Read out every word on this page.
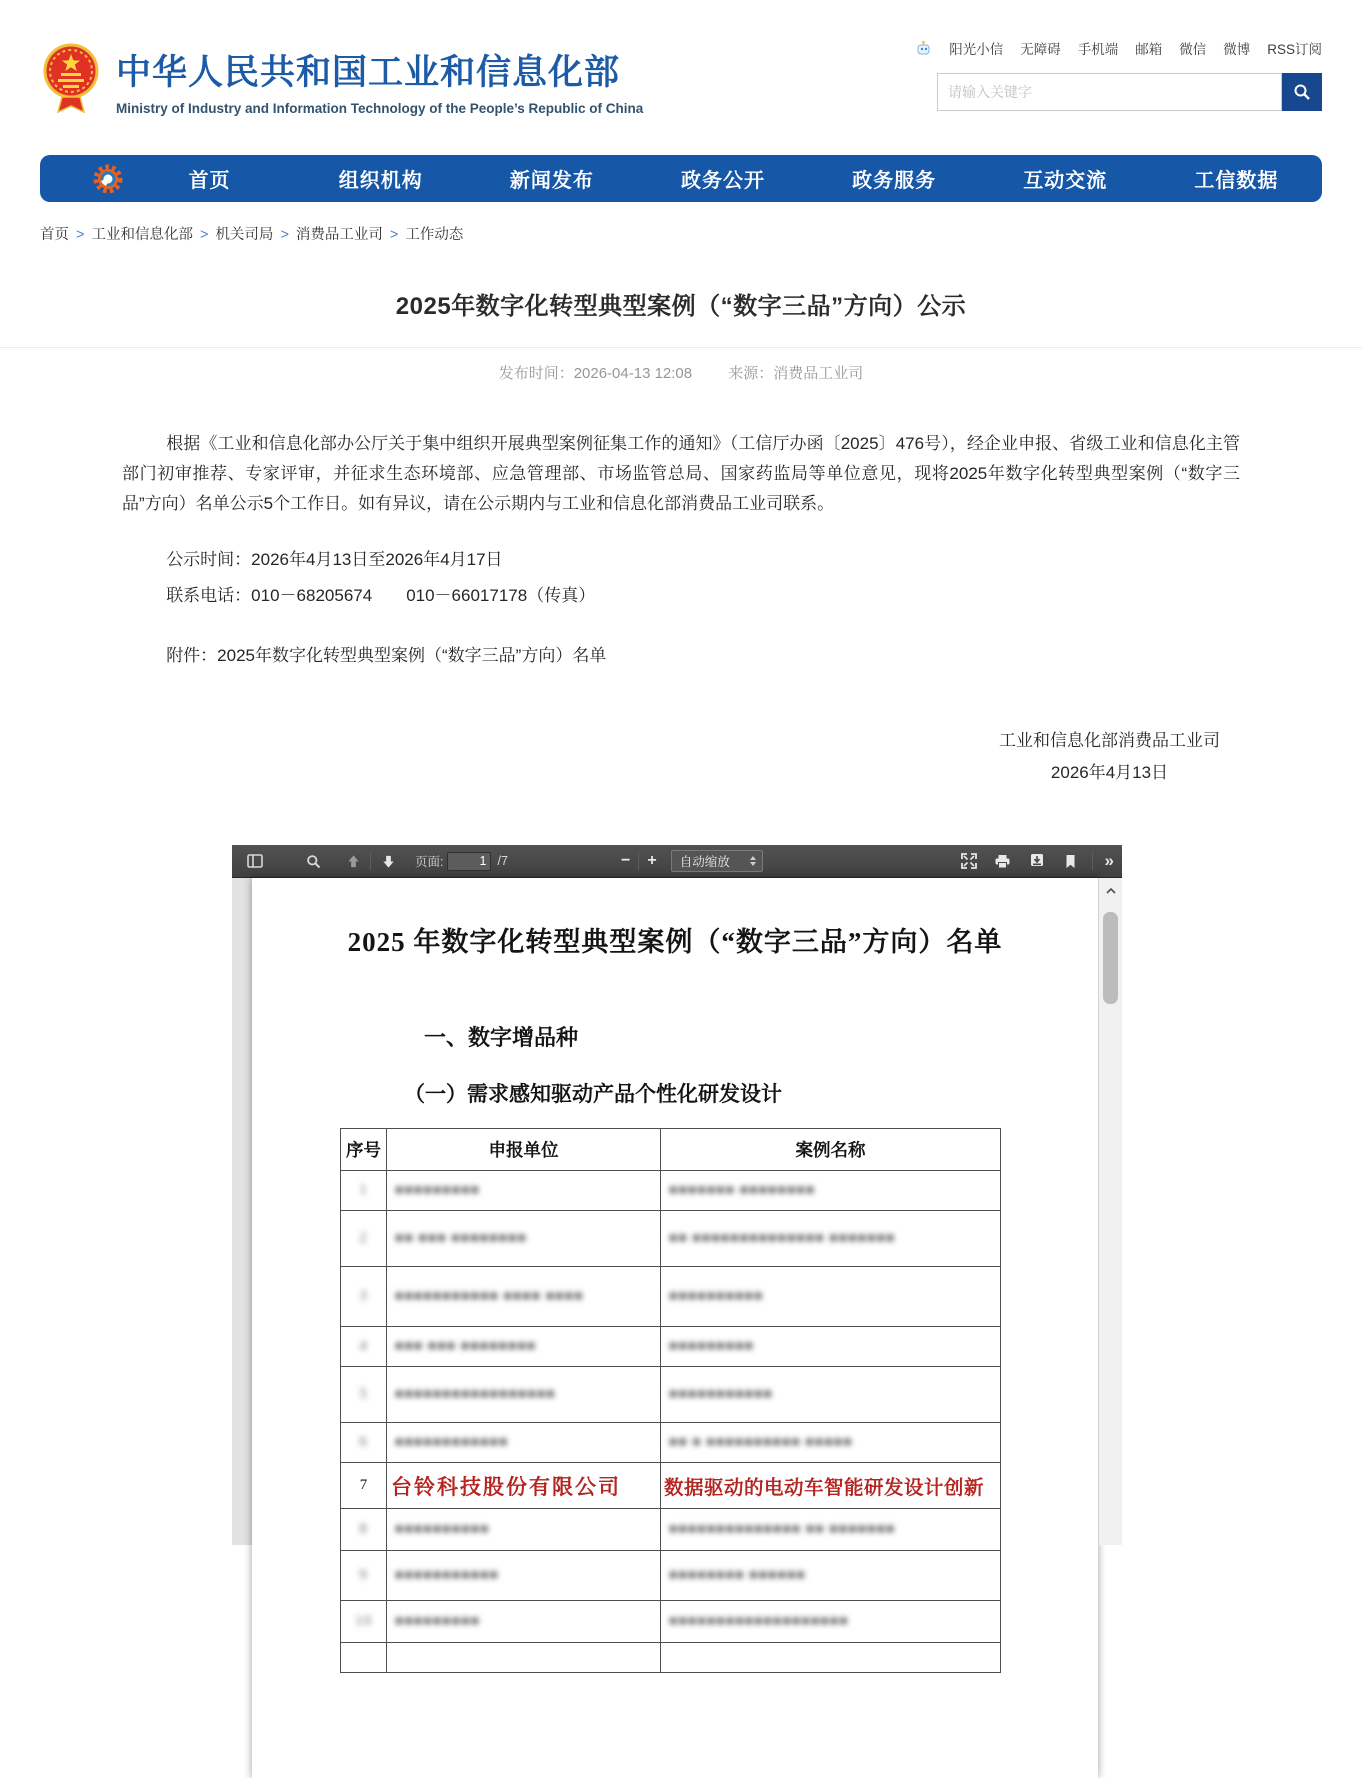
中华人民共和国工业和信息化部
Ministry of Industry and Information Technology of the People’s Republic of China
阳光小信 无障碍 手机端 邮箱 微信 微博 RSS订阅
请输入关键字
首页	组织机构	新闻发布	政务公开	政务服务	互动交流	工信数据
首页 > 工业和信息化部 > 机关司局 > 消费品工业司 > 工作动态
2025年数字化转型典型案例（“数字三品”方向）公示
发布时间：2026-04-13 12:08 来源：消费品工业司

根据《工业和信息化部办公厅关于集中组织开展典型案例征集工作的通知》（工信厅办函〔2025〕476号），经企业申报、省级工业和信息化主管部门初审推荐、专家评审，并征求生态环境部、应急管理部、市场监管总局、国家药监局等单位意见，现将2025年数字化转型典型案例（“数字三品”方向）名单公示5个工作日。如有异议，请在公示期内与工业和信息化部消费品工业司联系。

公示时间：2026年4月13日至2026年4月17日

联系电话：010－68205674　　010－66017178（传真）

附件：2025年数字化转型典型案例（“数字三品”方向）名单

工业和信息化部消费品工业司
2026年4月13日
页面:
1	/7	− +	自动缩放	»
2025 年数字化转型典型案例（“数字三品”方向）名单
一、数字增品种
（一）需求感知驱动产品个性化研发设计
序号	申报单位	案例名称
1	■■■■■■■■■	■■■■■■■ ■■■■■■■■
2	■■ ■■■ ■■■■■■■■	■■ ■■■■■■■■■■■■■■ ■■■■■■■
3	■■■■■■■■■■■ ■■■■ ■■■■	■■■■■■■■■■
4	■■■ ■■■ ■■■■■■■■	■■■■■■■■■
5	■■■■■■■■■■■■■■■■■	■■■■■■■■■■■
6	■■■■■■■■■■■■	■■ ■ ■■■■■■■■■■ ■■■■■
7	台铃科技股份有限公司	数据驱动的电动车智能研发设计创新
8	■■■■■■■■■■	■■■■■■■■■■■■■■ ■■ ■■■■■■■
9	■■■■■■■■■■■	■■■■■■■■ ■■■■■■
10	■■■■■■■■■	■■■■■■■■■■■■■■■■■■■
